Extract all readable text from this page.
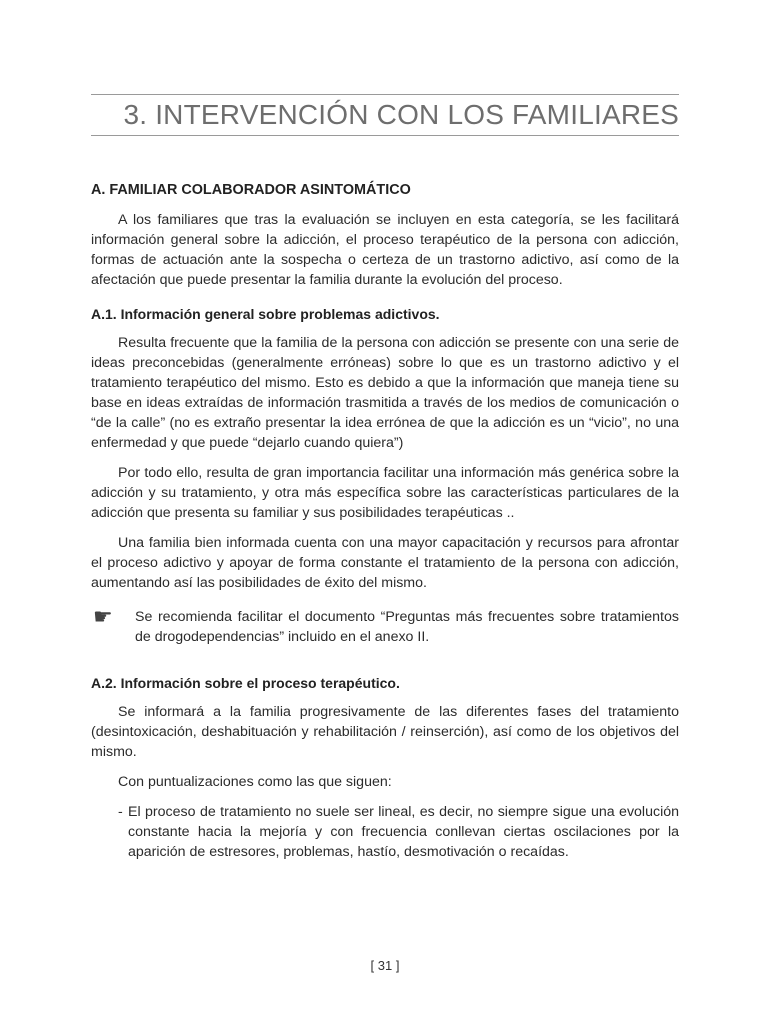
3. INTERVENCIÓN CON LOS FAMILIARES
A. FAMILIAR COLABORADOR ASINTOMÁTICO

A los familiares que tras la evaluación se incluyen en esta categoría, se les facilitará información general sobre la adicción, el proceso terapéutico de la persona con adicción, formas de actuación ante la sospecha o certeza de un trastorno adictivo, así como de la afectación que puede presentar la familia durante la evolución del proceso.

A.1. Información general sobre problemas adictivos.

Resulta frecuente que la familia de la persona con adicción se presente con una serie de ideas preconcebidas (generalmente erróneas) sobre lo que es un trastorno adictivo y el tratamiento terapéutico del mismo. Esto es debido a que la información que maneja tiene su base en ideas extraídas de información trasmitida a través de los medios de comunicación o “de la calle” (no es extraño presentar la idea errónea de que la adicción es un “vicio”, no una enfermedad y que puede “dejarlo cuando quiera”)

Por todo ello, resulta de gran importancia facilitar una información más genérica sobre la adicción y su tratamiento, y otra más específica sobre las características particulares de la adicción que presenta su familiar y sus posibilidades terapéuticas ..

Una familia bien informada cuenta con una mayor capacitación y recursos para afrontar el proceso adictivo y apoyar de forma constante el tratamiento de la persona con adicción, aumentando así las posibilidades de éxito del mismo.

☛ Se recomienda facilitar el documento “Preguntas más frecuentes sobre tratamientos de drogodependencias” incluido en el anexo II.
A.2. Información sobre el proceso terapéutico.

Se informará a la familia progresivamente de las diferentes fases del tratamiento (desintoxicación, deshabituación y rehabilitación / reinserción), así como de los objetivos del mismo.

Con puntualizaciones como las que siguen:

- El proceso de tratamiento no suele ser lineal, es decir, no siempre sigue una evolución constante hacia la mejoría y con frecuencia conllevan ciertas oscilaciones por la aparición de estresores, problemas, hastío, desmotivación o recaídas.
[ 31 ]
